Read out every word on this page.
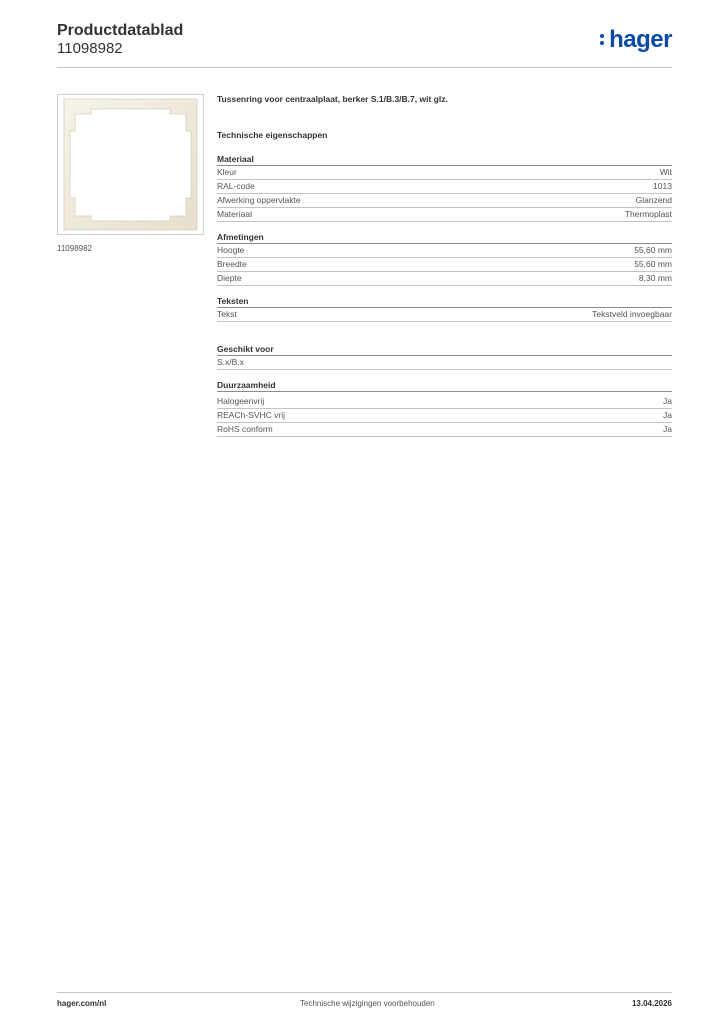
Productdatablad
11098982	hager
11098982

Tussenring voor centraalplaat, berker S.1/B.3/B.7, wit glz.

Technische eigenschappen
Materiaal
Kleur	Wit
RAL-code	1013
Afwerking oppervlakte	Glanzend
Materiaal	Thermoplast
Afmetingen
Hoogte	55,60 mm
Breedte	55,60 mm
Diepte	8,30 mm
Teksten
Tekst	Tekstveld invoegbaar
Geschikt voor
S.x/B.x
Duurzaamheid
Halogeenvrij	Ja
REACh-SVHC vrij	Ja
RoHS conform	Ja
hager.com/nl	Technische wijzigingen voorbehouden	13.04.2026
